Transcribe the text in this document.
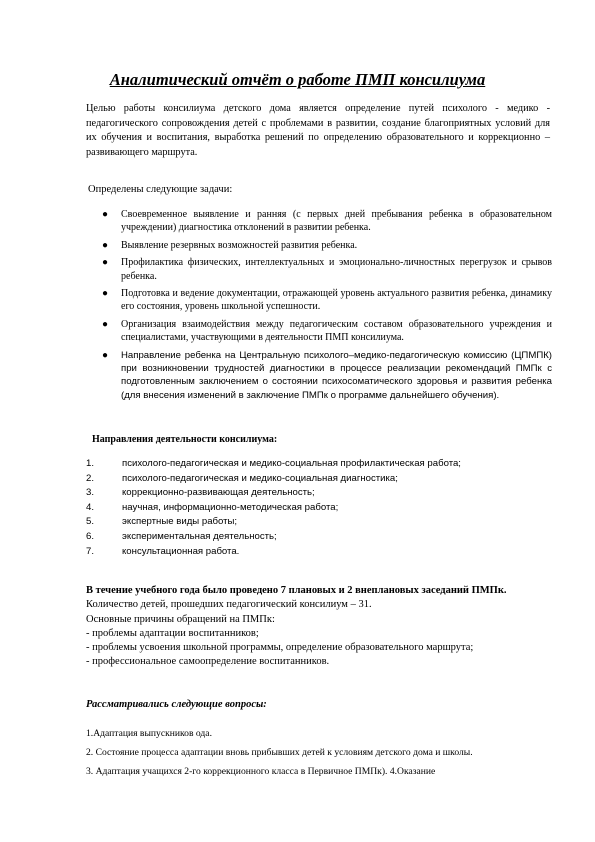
Аналитический отчёт о работе ПМП консилиума
Целью работы консилиума детского дома является определение путей психолого - медико - педагогического сопровождения детей с проблемами в развитии, создание благоприятных условий для их обучения и воспитания, выработка решений по определению образовательного и коррекционно – развивающего маршрута.
Определены следующие задачи:
● Своевременное выявление и ранняя (с первых дней пребывания ребенка в образовательном учреждении) диагностика отклонений в развитии ребенка.
● Выявление резервных возможностей развития ребенка.
● Профилактика физических, интеллектуальных и эмоционально-личностных перегрузок и срывов ребенка.
● Подготовка и ведение документации, отражающей уровень актуального развития ребенка, динамику его состояния, уровень школьной успешности.
● Организация взаимодействия между педагогическим составом образовательного учреждения и специалистами, участвующими в деятельности ПМП консилиума.
● Направление ребенка на Центральную психолого–медико-педагогическую комиссию (ЦПМПК) при возникновении трудностей диагностики в процессе реализации рекомендаций ПМПк с подготовленным заключением о состоянии психосоматического здоровья и развития ребенка (для внесения изменений в заключение ПМПк о программе дальнейшего обучения).
Направления деятельности консилиума:
1.	психолого-педагогическая и медико-социальная профилактическая работа;
2.	психолого-педагогическая и медико-социальная диагностика;
3.	коррекционно-развивающая деятельность;
4.	научная, информационно-методическая работа;
5.	экспертные виды работы;
6.	экспериментальная деятельность;
7.	консультационная работа.
В течение учебного года было проведено 7 плановых и 2 внеплановых заседаний ПМПк.
Количество детей, прошедших педагогический консилиум – 31.
Основные причины обращений на ПМПк:
- проблемы адаптации воспитанников;
- проблемы усвоения школьной программы, определение образовательного маршрута;
- профессиональное самоопределение воспитанников.
Рассматривались следующие вопросы:
1.Адаптация выпускников ода.
2. Состояние процесса адаптации вновь прибывших детей к условиям детского дома и школы.
3. Адаптация учащихся 2-го коррекционного класса в Первичное ПМПк). 4.Оказание
